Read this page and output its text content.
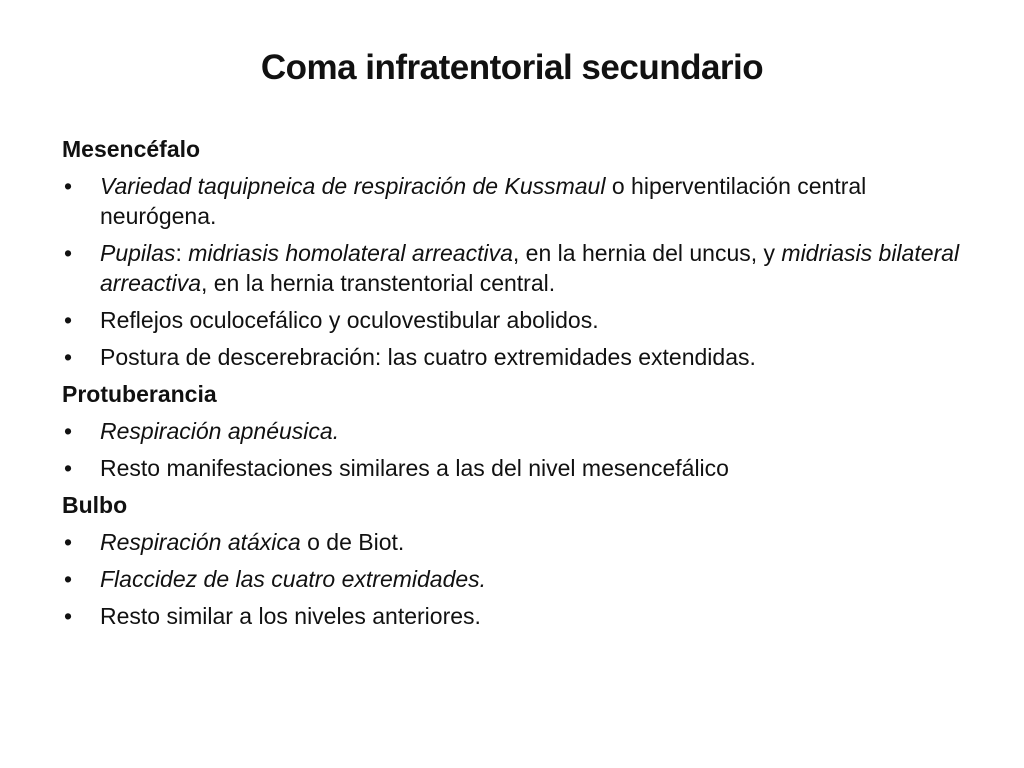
Coma infratentorial secundario
Mesencéfalo
• Variedad taquipneica de respiración de Kussmaul o hiperventilación central neurógena.
• Pupilas: midriasis homolateral arreactiva, en la hernia del uncus, y midriasis bilateral arreactiva, en la hernia transtentorial central.
• Reflejos oculocefálico y oculovestibular abolidos.
• Postura de descerebración: las cuatro extremidades extendidas.
Protuberancia
• Respiración apnéusica.
• Resto manifestaciones similares a las del nivel mesencefálico
Bulbo
• Respiración atáxica o de Biot.
• Flaccidez de las cuatro extremidades.
• Resto similar a los niveles anteriores.
